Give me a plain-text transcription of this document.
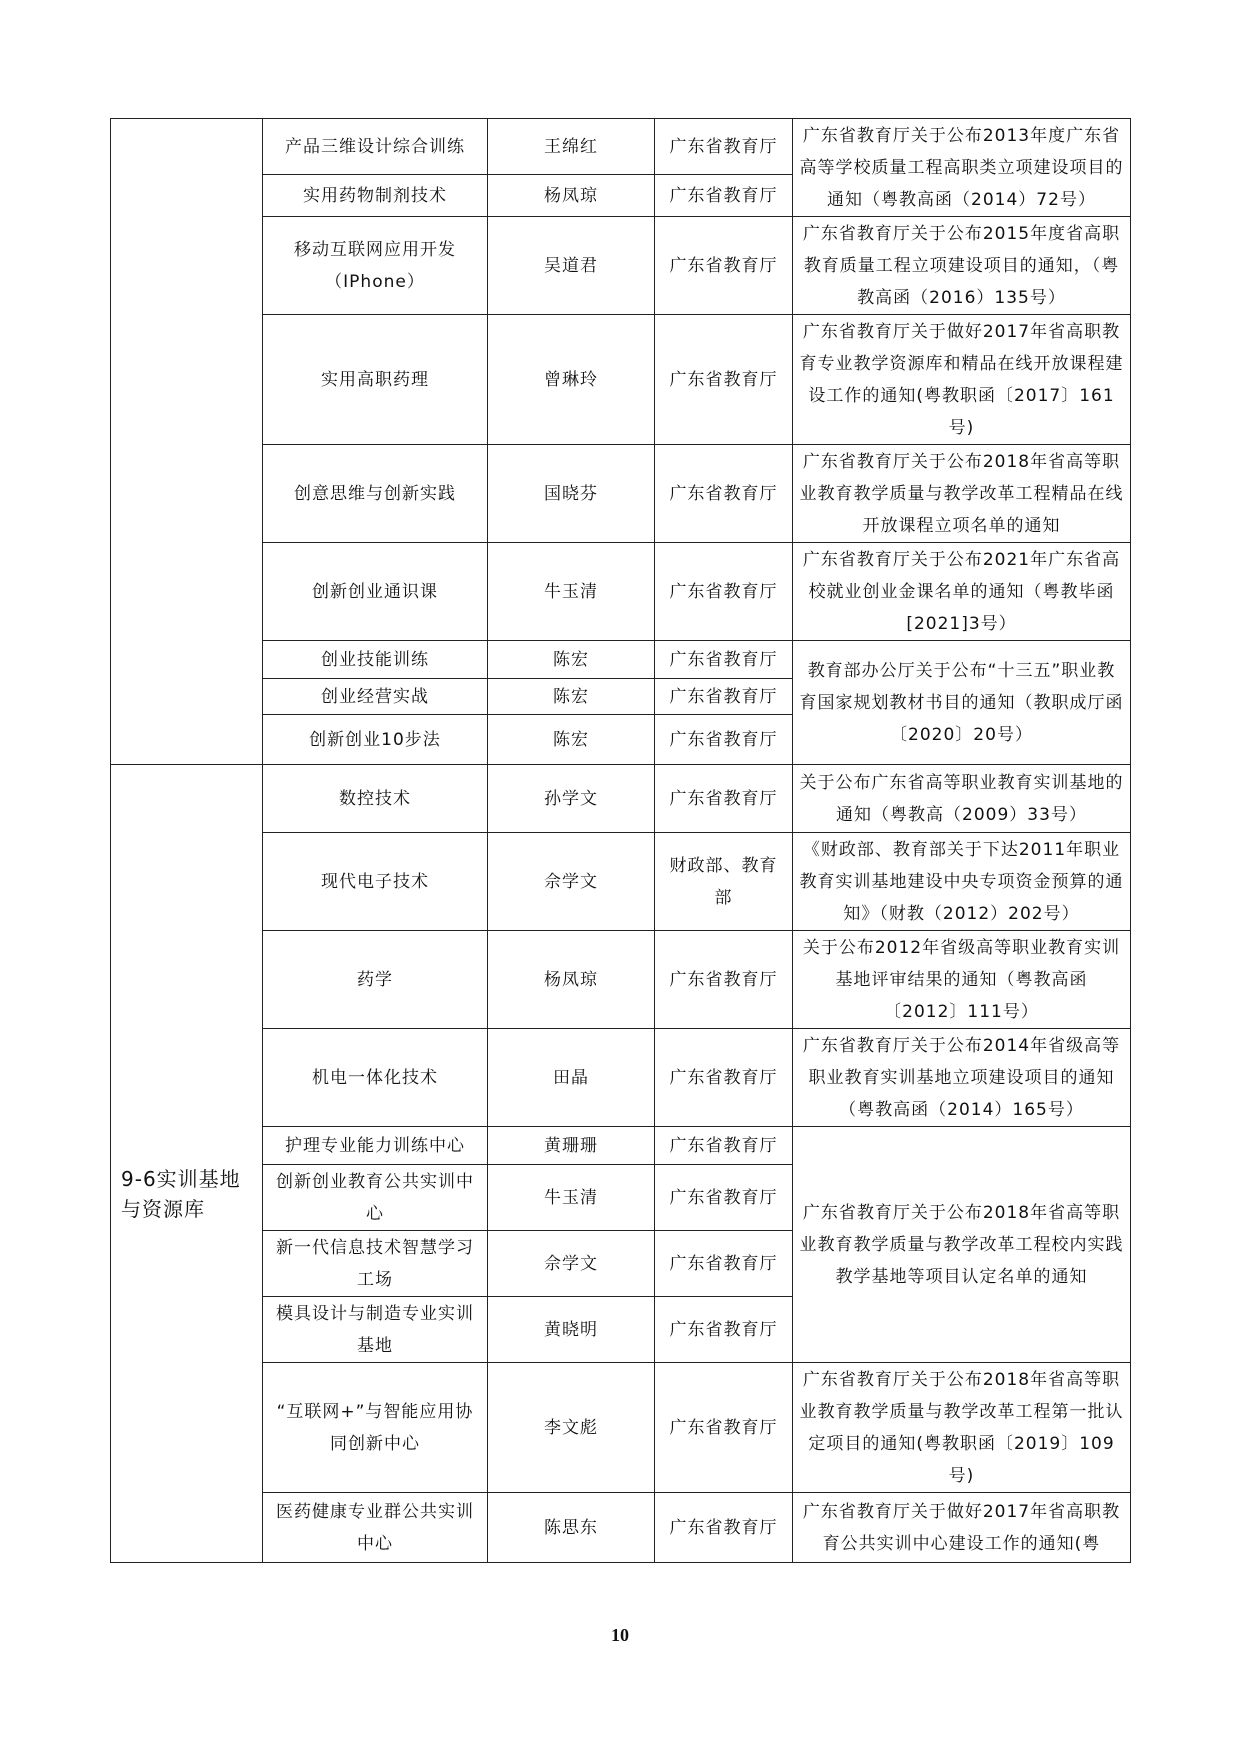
	产品三维设计综合训练	王绵红	广东省教育厅	广东省教育厅关于公布2013年度广东省高等学校质量工程高职类立项建设项目的通知（粤教高函（2014）72号）
	实用药物制剂技术	杨凤琼	广东省教育厅	
	移动互联网应用开发（IPhone）	吴道君	广东省教育厅	广东省教育厅关于公布2015年度省高职教育质量工程立项建设项目的通知，（粤教高函（2016）135号）
	实用高职药理	曾琳玲	广东省教育厅	广东省教育厅关于做好2017年省高职教育专业教学资源库和精品在线开放课程建设工作的通知(粤教职函〔2017〕161号)
	创意思维与创新实践	国晓芬	广东省教育厅	广东省教育厅关于公布2018年省高等职业教育教学质量与教学改革工程精品在线开放课程立项名单的通知
	创新创业通识课	牛玉清	广东省教育厅	广东省教育厅关于公布2021年广东省高校就业创业金课名单的通知（粤教毕函[2021]3号）
	创业技能训练	陈宏	广东省教育厅	教育部办公厅关于公布“十三五”职业教育国家规划教材书目的通知（教职成厅函〔2020〕20号）
	创业经营实战	陈宏	广东省教育厅	
	创新创业10步法	陈宏	广东省教育厅	
9-6实训基地与资源库	数控技术	孙学文	广东省教育厅	关于公布广东省高等职业教育实训基地的通知（粤教高（2009）33号）
	现代电子技术	佘学文	财政部、教育部	《财政部、教育部关于下达2011年职业教育实训基地建设中央专项资金预算的通知》（财教（2012）202号）
	药学	杨凤琼	广东省教育厅	关于公布2012年省级高等职业教育实训基地评审结果的通知（粤教高函〔2012〕111号）
	机电一体化技术	田晶	广东省教育厅	广东省教育厅关于公布2014年省级高等职业教育实训基地立项建设项目的通知（粤教高函（2014）165号）
	护理专业能力训练中心	黄珊珊	广东省教育厅	广东省教育厅关于公布2018年省高等职业教育教学质量与教学改革工程校内实践教学基地等项目认定名单的通知
	创新创业教育公共实训中心	牛玉清	广东省教育厅	
	新一代信息技术智慧学习工场	佘学文	广东省教育厅	
	模具设计与制造专业实训基地	黄晓明	广东省教育厅	
	“互联网+”与智能应用协同创新中心	李文彪	广东省教育厅	广东省教育厅关于公布2018年省高等职业教育教学质量与教学改革工程第一批认定项目的通知(粤教职函〔2019〕109号)
	医药健康专业群公共实训中心	陈思东	广东省教育厅	广东省教育厅关于做好2017年省高职教育公共实训中心建设工作的通知(粤
10
